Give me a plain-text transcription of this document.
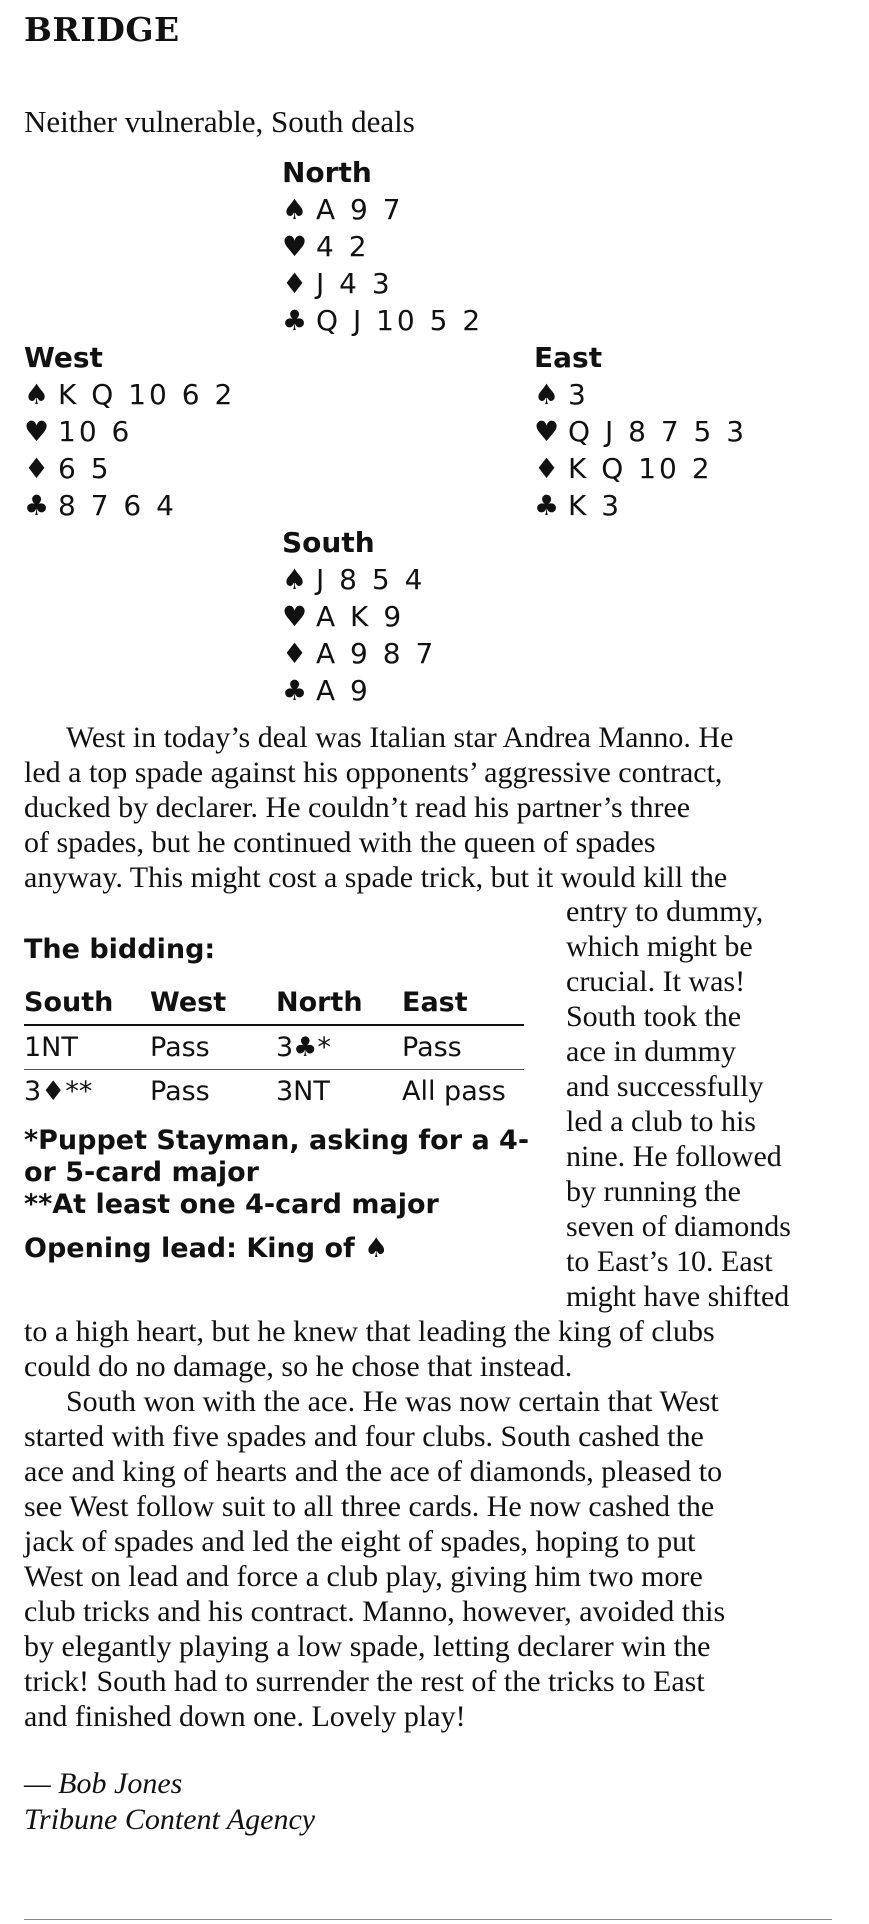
BRIDGE
Neither vulnerable, South deals
North
♠ A 9 7
♥ 4 2
♦ J 4 3
♣ Q J 10 5 2
West
♠ K Q 10 6 2
♥ 10 6
♦ 6 5
♣ 8 7 6 4
East
♠ 3
♥ Q J 8 7 5 3
♦ K Q 10 2
♣ K 3
South
♠ J 8 5 4
♥ A K 9
♦ A 9 8 7
♣ A 9

West in today’s deal was Italian star Andrea Manno. He

led a top spade against his opponents’ aggressive contract,

ducked by declarer. He couldn’t read his partner’s three

of spades, but he continued with the queen of spades

anyway. This might cost a spade trick, but it would kill the

entry to dummy,
which might be
crucial. It was!
South took the
ace in dummy
and successfully
led a club to his
nine. He followed
by running the
seven of diamonds
to East’s 10. East
might have shifted
The bidding:
South	West	North	East
1NT	Pass	3♣*	Pass
3♦**	Pass	3NT	All pass
*Puppet Stayman, asking for a 4-
or 5-card major
**At least one 4-card major
Opening lead: King of ♠

to a high heart, but he knew that leading the king of clubs

could do no damage, so he chose that instead.

South won with the ace. He was now certain that West

started with five spades and four clubs. South cashed the

ace and king of hearts and the ace of diamonds, pleased to

see West follow suit to all three cards. He now cashed the

jack of spades and led the eight of spades, hoping to put

West on lead and force a club play, giving him two more

club tricks and his contract. Manno, however, avoided this

by elegantly playing a low spade, letting declarer win the

trick! South had to surrender the rest of the tricks to East

and finished down one. Lovely play!

— Bob Jones
Tribune Content Agency
